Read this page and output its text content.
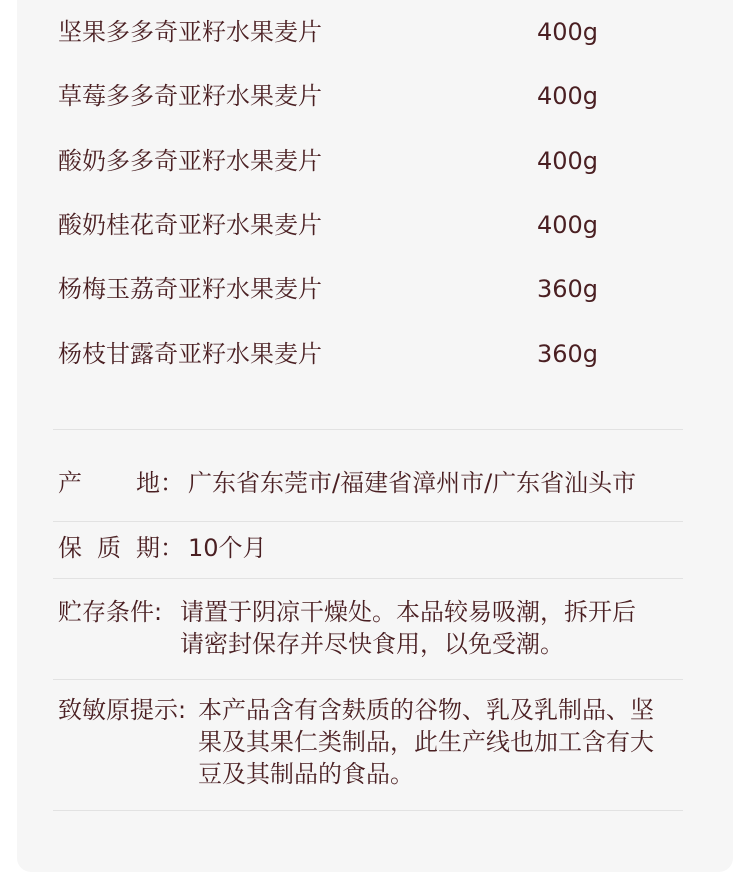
坚果多多奇亚籽水果麦片	400g
草莓多多奇亚籽水果麦片	400g
酸奶多多奇亚籽水果麦片	400g
酸奶桂花奇亚籽水果麦片	400g
杨梅玉荔奇亚籽水果麦片	360g
杨枝甘露奇亚籽水果麦片	360g
产 地： 广东省东莞市/福建省漳州市/广东省汕头市
保 质 期： 10个月
贮存条件: 请置于阴凉干燥处。本品较易吸潮，拆开后
请密封保存并尽快食用，以免受潮。
致敏原提示: 本产品含有含麸质的谷物、乳及乳制品、坚
果及其果仁类制品，此生产线也加工含有大
豆及其制品的食品。
